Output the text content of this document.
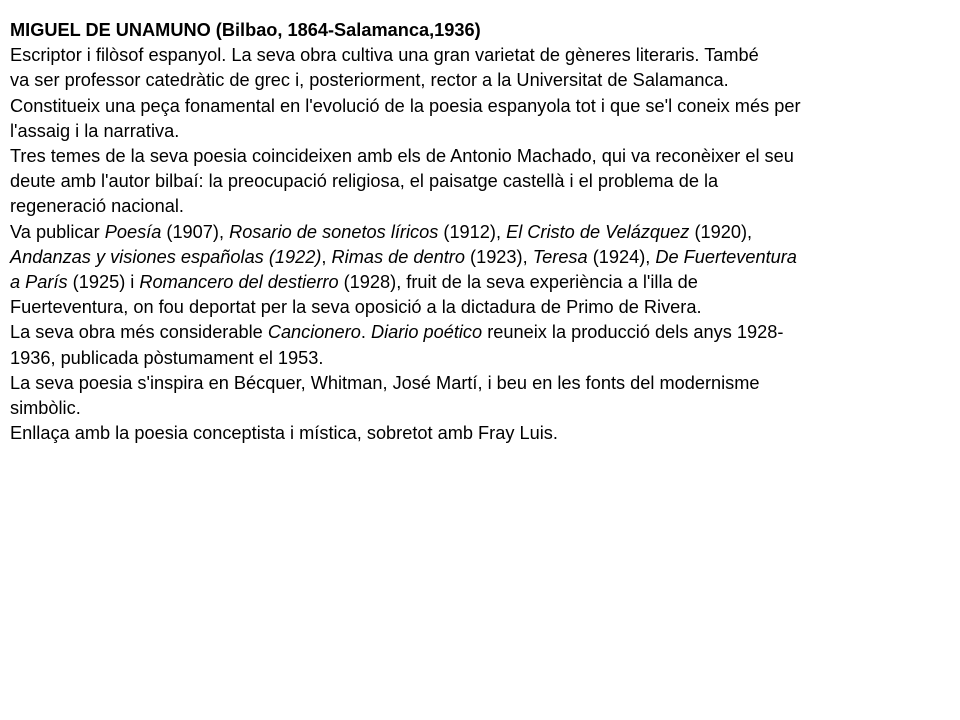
MIGUEL DE UNAMUNO (Bilbao, 1864-Salamanca,1936)
Escriptor i filòsof espanyol. La seva obra cultiva una gran varietat de gèneres literaris. També
va ser professor catedràtic de grec i, posteriorment, rector a la Universitat de Salamanca.
Constitueix una peça fonamental en l'evolució de la poesia espanyola tot i que se'l coneix més per
l'assaig i la narrativa.
Tres temes de la seva poesia coincideixen amb els de Antonio Machado, qui va reconèixer el seu
deute amb l'autor bilbaí: la preocupació religiosa, el paisatge castellà i el problema de la
regeneració nacional.
Va publicar Poesía (1907), Rosario de sonetos líricos (1912), El Cristo de Velázquez (1920),
Andanzas y visiones españolas (1922), Rimas de dentro (1923), Teresa (1924), De Fuerteventura
a París (1925) i Romancero del destierro (1928), fruit de la seva experiència a l'illa de
Fuerteventura, on fou deportat per la seva oposició a la dictadura de Primo de Rivera.
La seva obra més considerable Cancionero. Diario poético reuneix la producció dels anys 1928-
1936, publicada pòstumament el 1953.
La seva poesia s'inspira en Bécquer, Whitman, José Martí, i beu en les fonts del modernisme
simbòlic.
Enllaça amb la poesia conceptista i mística, sobretot amb Fray Luis.
